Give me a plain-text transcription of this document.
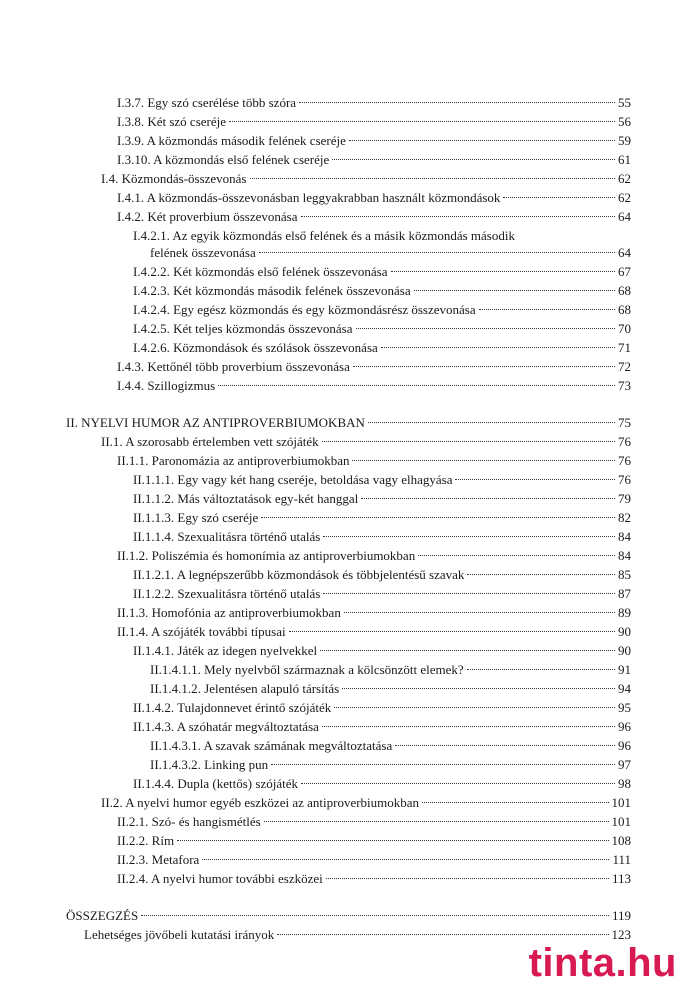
I.3.7. Egy szó cserélése több szóra	55
I.3.8. Két szó cseréje	56
I.3.9. A közmondás második felének cseréje	59
I.3.10. A közmondás első felének cseréje	61
I.4. Közmondás-összevonás	62
I.4.1. A közmondás-összevonásban leggyakrabban használt közmondások	62
I.4.2. Két proverbium összevonása	64
I.4.2.1. Az egyik közmondás első felének és a másik közmondás második
felének összevonása	64
I.4.2.2. Két közmondás első felének összevonása	67
I.4.2.3. Két közmondás második felének összevonása	68
I.4.2.4. Egy egész közmondás és egy közmondásrész összevonása	68
I.4.2.5. Két teljes közmondás összevonása	70
I.4.2.6. Közmondások és szólások összevonása	71
I.4.3. Kettőnél több proverbium összevonása	72
I.4.4. Szillogizmus	73
II. NYELVI HUMOR AZ ANTIPROVERBIUMOKBAN	75
II.1. A szorosabb értelemben vett szójáték	76
II.1.1. Paronomázia az antiproverbiumokban	76
II.1.1.1. Egy vagy két hang cseréje, betoldása vagy elhagyása	76
II.1.1.2. Más változtatások egy-két hanggal	79
II.1.1.3. Egy szó cseréje	82
II.1.1.4. Szexualitásra történő utalás	84
II.1.2. Poliszémia és homonímia az antiproverbiumokban	84
II.1.2.1. A legnépszerűbb közmondások és többjelentésű szavak	85
II.1.2.2. Szexualitásra történő utalás	87
II.1.3. Homofónia az antiproverbiumokban	89
II.1.4. A szójáték további típusai	90
II.1.4.1. Játék az idegen nyelvekkel	90
II.1.4.1.1. Mely nyelvből származnak a kölcsönzött elemek?	91
II.1.4.1.2. Jelentésen alapuló társítás	94
II.1.4.2. Tulajdonnevet érintő szójáték	95
II.1.4.3. A szóhatár megváltoztatása	96
II.1.4.3.1. A szavak számának megváltoztatása	96
II.1.4.3.2. Linking pun	97
II.1.4.4. Dupla (kettős) szójáték	98
II.2. A nyelvi humor egyéb eszközei az antiproverbiumokban	101
II.2.1. Szó- és hangismétlés	101
II.2.2. Rím	108
II.2.3. Metafora	111
II.2.4. A nyelvi humor további eszközei	113
ÖSSZEGZÉS	119
Lehetséges jövőbeli kutatási irányok	123
tinta.hu
